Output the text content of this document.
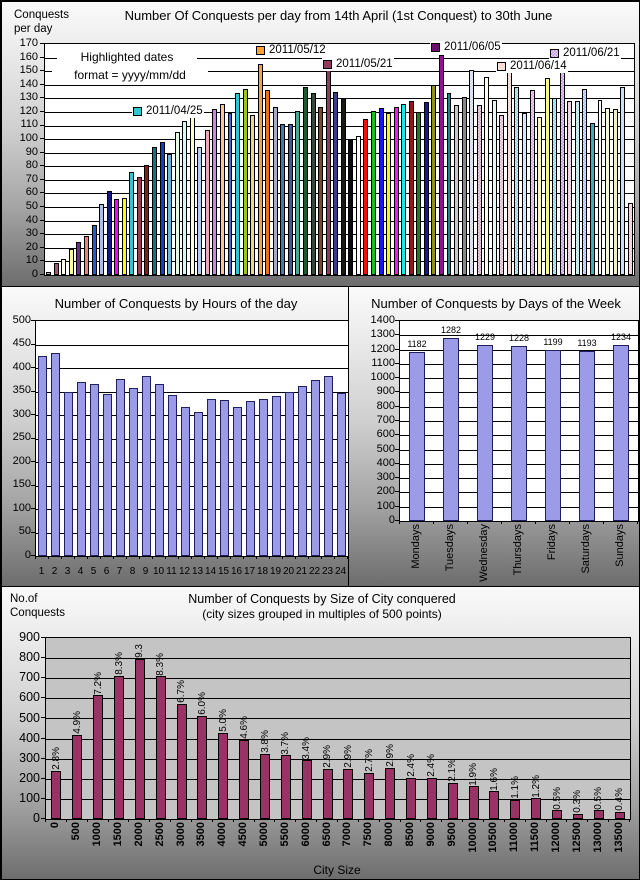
Number Of Conquests per day from 14th April (1st Conquest) to 30th June
Conquests
per day
Highlighted dates
format = yyyy/mm/dd
2011/04/25
2011/05/12
2011/05/21
2011/06/05
2011/06/14
2011/06/21
0
10
20
30
40
50
60
70
80
90
100
110
120
130
140
150
160
170
Number of Conquests by Hours of the day
0
50
100
150
200
250
300
350
400
450
500
1 2 3 4 5 6 7 8 9 10 11 12 13 14 15 16 17 18 19 20 21 22 23 24
1182
1282
1229	1228	1199	1193
1234
Number of Conquests by Days of the Week
0
100
200
300
400
500
600
700
800
900
1000
1100
1200
1300
1400
Mondays Tuesdays Wednesday Thursdays Fridays Saturdays Sundays
2.8%
4.9%
7.2%
8.3%
9.3
8.3%
6.7%
6.0%
5.0% 4.6%
3.8% 3.7% 3.4% 2.9% 2.9% 2.7% 2.9% 2.4% 2.4% 2.1% 1.9% 1.6% 1.1% 1.2%
0.5% 0.3% 0.5% 0.4%
Number of Conquests by Size of City conquered
(city sizes grouped in multiples of 500 points)
No.of
Conquests
City Size
0
100
200
300
400
500
600
700
800
900
0 500 1000 1500 2000 2500 3000 3500 4000 4500 5000 5500 6000 6500 7000 7500 8000 8500 9000 9500 10000 10500 11000 11500 12000 12500 13000 13500
